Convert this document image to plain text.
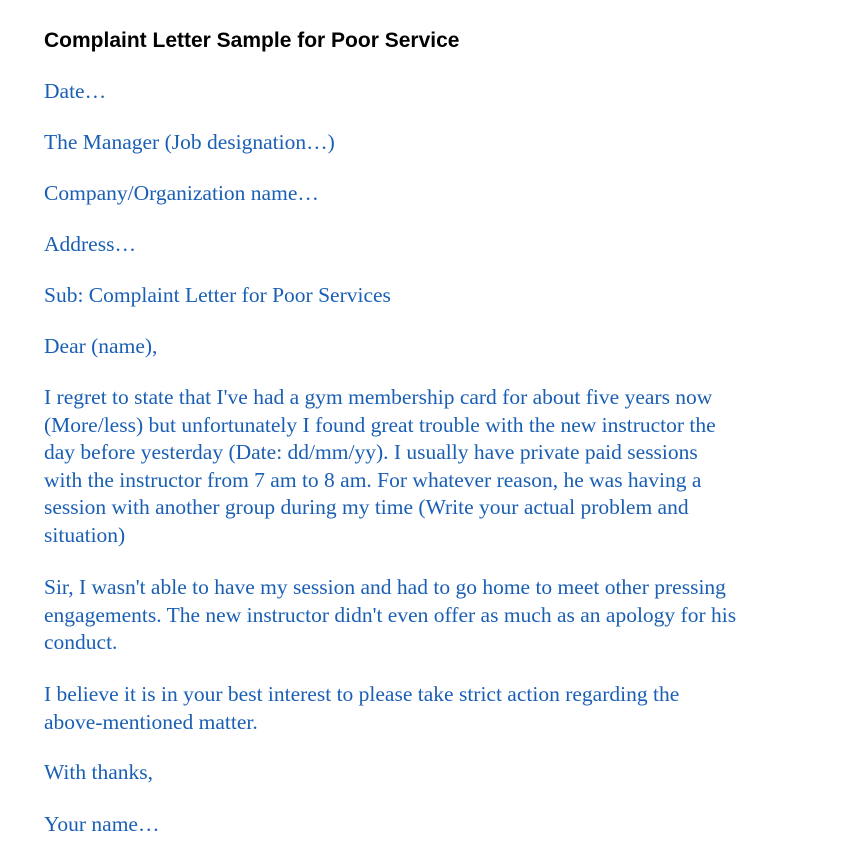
Complaint Letter Sample for Poor Service

Date…

The Manager (Job designation…)

Company/Organization name…

Address…

Sub: Complaint Letter for Poor Services

Dear (name),

I regret to state that I've had a gym membership card for about five years now
(More/less) but unfortunately I found great trouble with the new instructor the
day before yesterday (Date: dd/mm/yy). I usually have private paid sessions
with the instructor from 7 am to 8 am. For whatever reason, he was having a
session with another group during my time (Write your actual problem and
situation)

Sir, I wasn't able to have my session and had to go home to meet other pressing
engagements. The new instructor didn't even offer as much as an apology for his
conduct.

I believe it is in your best interest to please take strict action regarding the
above-mentioned matter.

With thanks,

Your name…
